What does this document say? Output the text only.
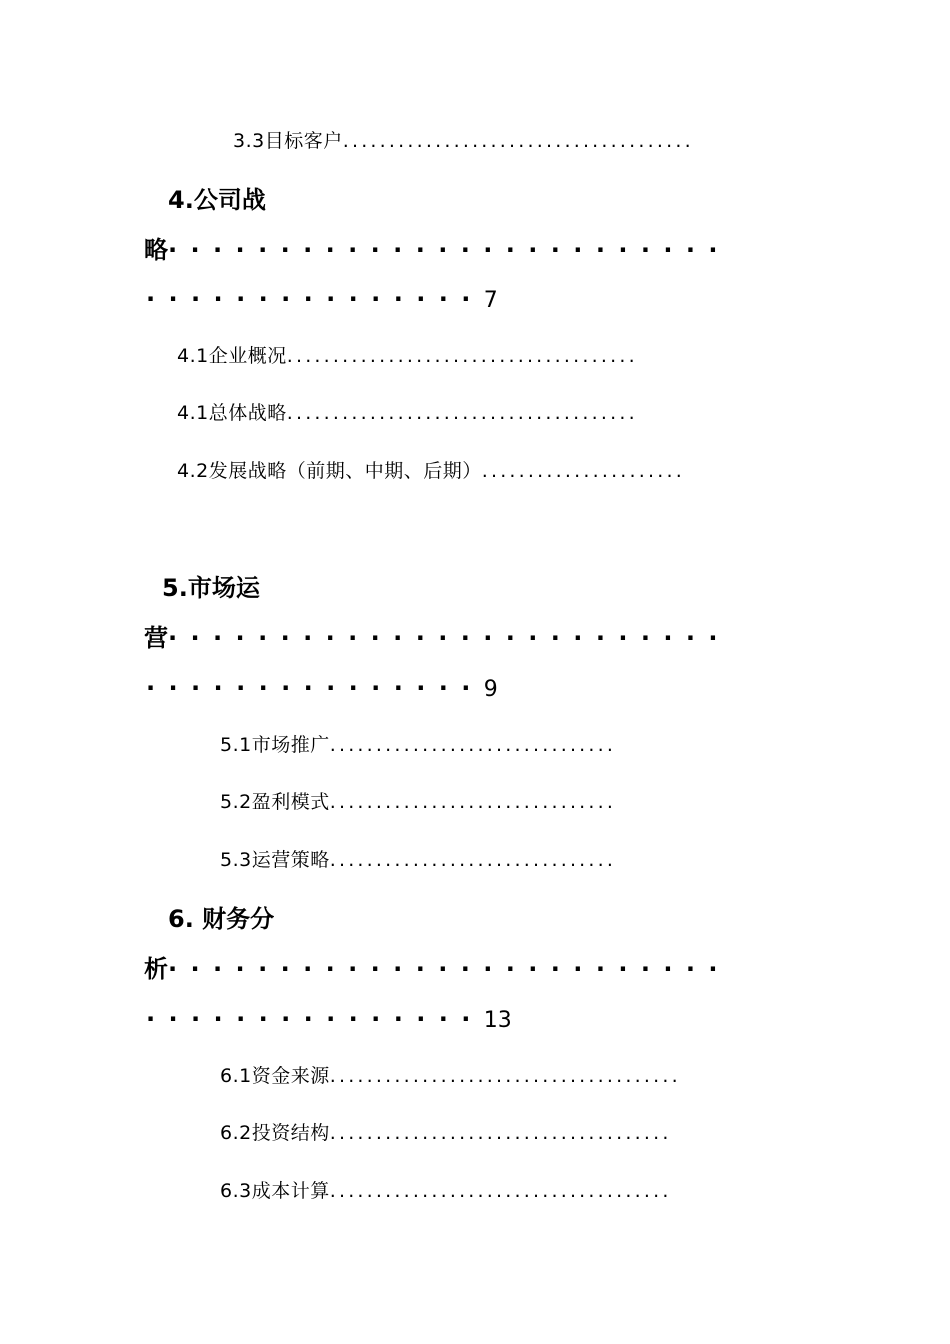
3.3目标客户......................................
4.公司战
略·························
···············7
4.1企业概况......................................
4.1总体战略......................................
4.2发展战略（前期、中期、后期）......................
5.市场运
营·························
···············9
5.1市场推广...............................
5.2盈利模式...............................
5.3运营策略...............................
6. 财务分
析·························
···············13
6.1资金来源......................................
6.2投资结构.....................................
6.3成本计算.....................................
